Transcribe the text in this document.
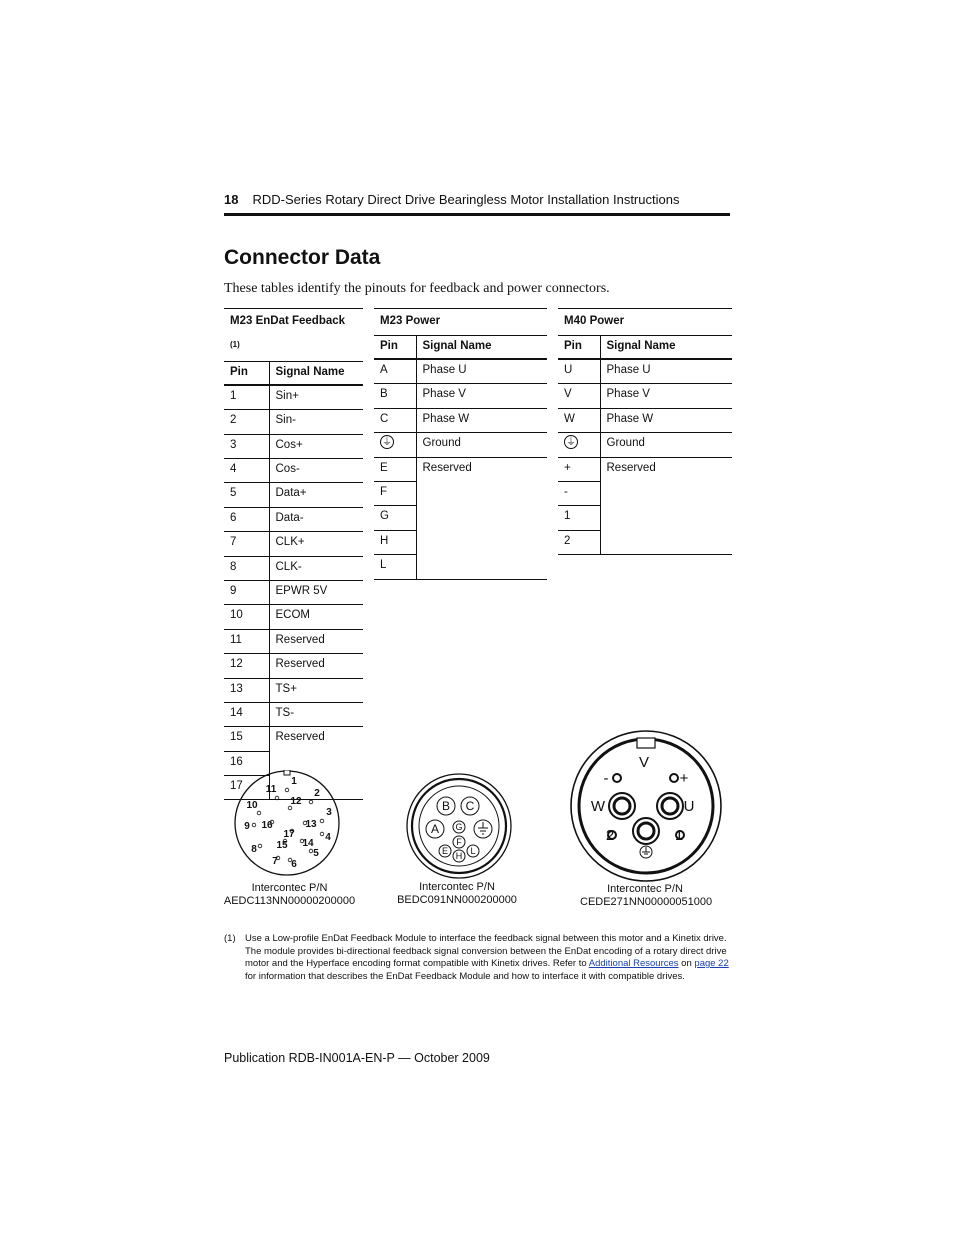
18 RDD-Series Rotary Direct Drive Bearingless Motor Installation Instructions
Connector Data
These tables identify the pinouts for feedback and power connectors.
M23 EnDat Feedback $^{(1)}$
Pin	Signal Name
1	Sin+
2	Sin-
3	Cos+
4	Cos-
5	Data+
6	Data-
7	CLK+
8	CLK-
9	EPWR 5V
10	ECOM
11	Reserved
12	Reserved
13	TS+
14	TS-
15	Reserved
16	
17	
M23 Power	
Pin	Signal Name
A	Phase U
B	Phase V
C	Phase W
⏚	Ground
E	Reserved
F	
G	
H	
L	
M40 Power	
Pin	Signal Name
U	Phase U
V	Phase V
W	Phase W
⏚	Ground
+	Reserved
-	
1	
2	
1
2
3
4
5
6
7
8
9
10
11
12
13
14
15
16
17
Intercontec P/N
AEDC113NN00000200000
A
B C
E
F
G
H L
Intercontec P/N
BEDC091NN000200000
U
V
W
-	+
1
2
Intercontec P/N
CEDE271NN00000051000
(1) Use a Low-profile EnDat Feedback Module to interface the feedback signal between this motor and a Kinetix drive. The module provides bi-directional feedback signal conversion between the EnDat encoding of a rotary direct drive motor and the Hyperface encoding format compatible with Kinetix drives. Refer to Additional Resources on page 22 for information that describes the EnDat Feedback Module and how to interface it with compatible drives.
Publication RDB-IN001A-EN-P — October 2009
